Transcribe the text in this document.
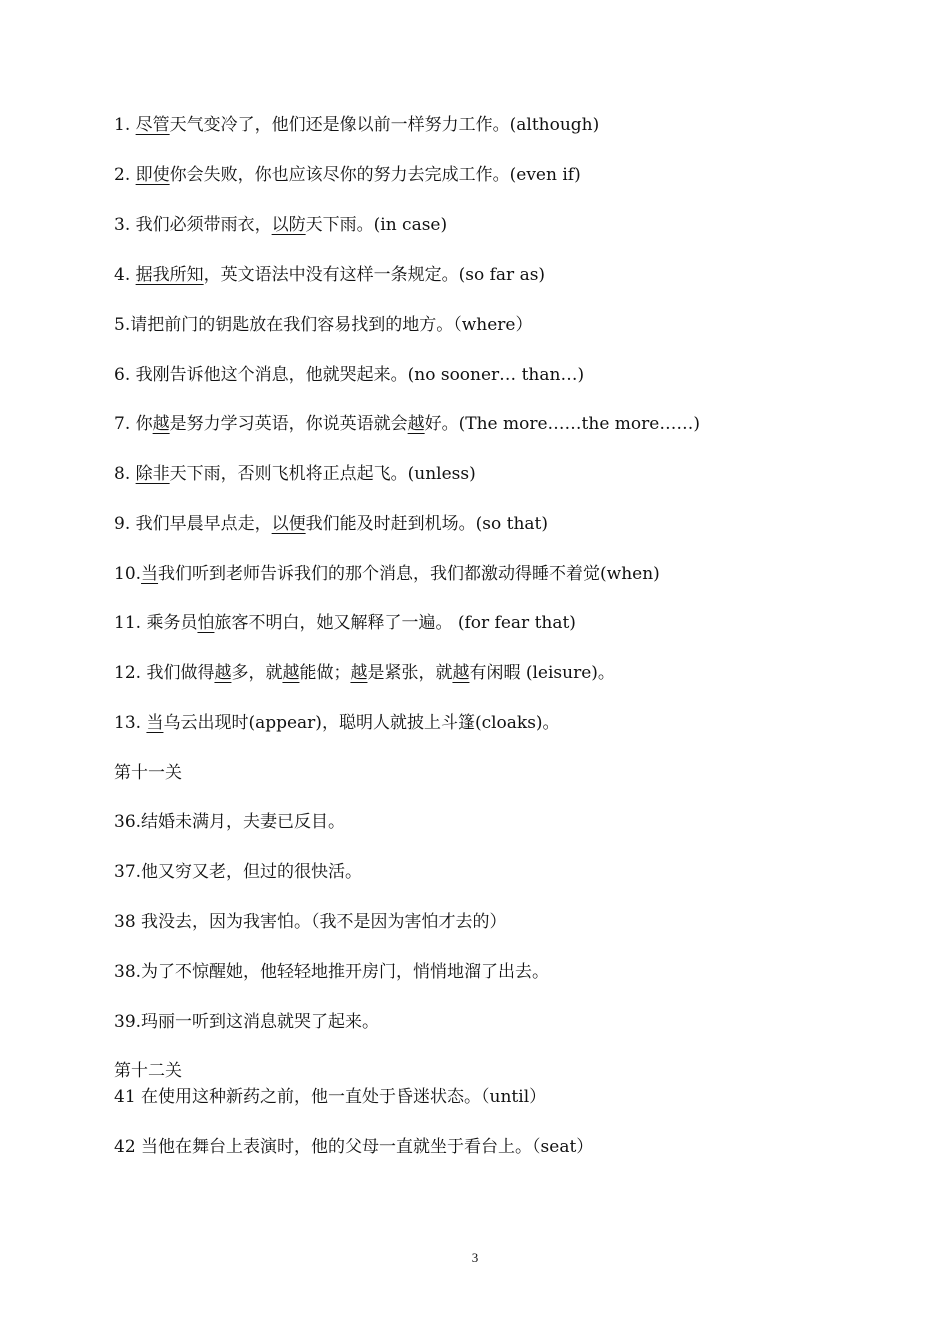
1. 尽管天气变冷了，他们还是像以前一样努力工作。(although)
2. 即使你会失败，你也应该尽你的努力去完成工作。(even if)
3. 我们必须带雨衣，以防天下雨。(in case)
4. 据我所知，英文语法中没有这样一条规定。(so far as)
5.请把前门的钥匙放在我们容易找到的地方。（where）
6. 我刚告诉他这个消息，他就哭起来。(no sooner… than…)
7. 你越是努力学习英语，你说英语就会越好。(The more……the more……)
8. 除非天下雨，否则飞机将正点起飞。(unless)
9. 我们早晨早点走，以便我们能及时赶到机场。(so that)
10.当我们听到老师告诉我们的那个消息，我们都激动得睡不着觉(when)
11. 乘务员怕旅客不明白，她又解释了一遍。 (for fear that)
12. 我们做得越多，就越能做；越是紧张，就越有闲暇 (leisure)。
13. 当乌云出现时(appear)，聪明人就披上斗篷(cloaks)。
第十一关
36.结婚未满月，夫妻已反目。
37.他又穷又老，但过的很快活。
38 我没去，因为我害怕。（我不是因为害怕才去的）
38.为了不惊醒她，他轻轻地推开房门，悄悄地溜了出去。
39.玛丽一听到这消息就哭了起来。
第十二关
41 在使用这种新药之前，他一直处于昏迷状态。（until）
42 当他在舞台上表演时，他的父母一直就坐于看台上。（seat）
3
